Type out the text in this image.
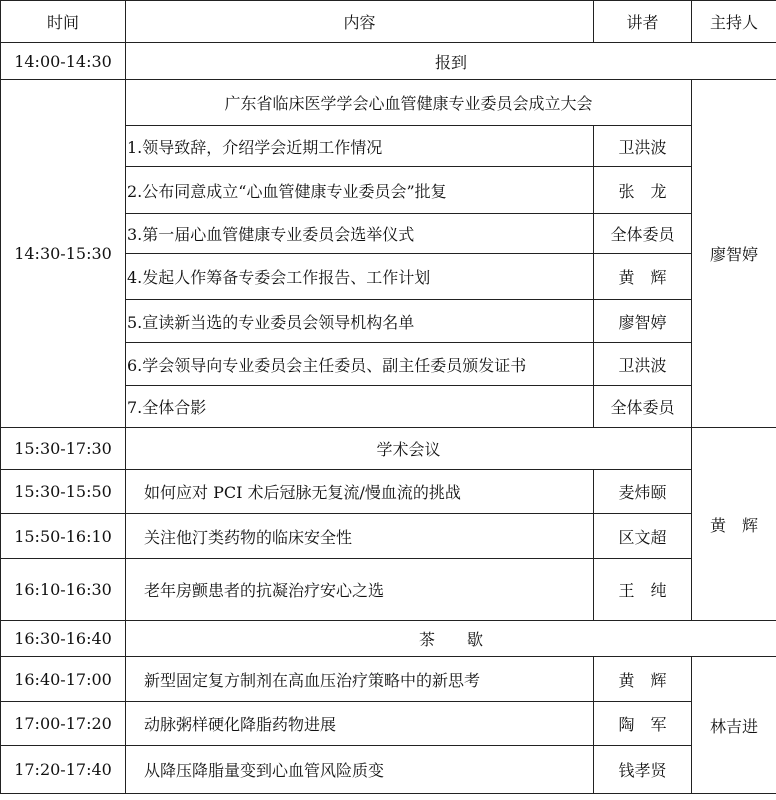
时间	内容	讲者	主持人
14:00-14:30	报到		
14:30-15:30	广东省临床医学学会心血管健康专业委员会成立大会		廖智婷
	1.领导致辞，介绍学会近期工作情况	卫洪波	
	2.公布同意成立“心血管健康专业委员会”批复	张　龙	
	3.第一届心血管健康专业委员会选举仪式	全体委员	
	4.发起人作筹备专委会工作报告、工作计划	黄　辉	
	5.宣读新当选的专业委员会领导机构名单	廖智婷	
	6.学会领导向专业委员会主任委员、副主任委员颁发证书	卫洪波	
	7.全体合影	全体委员	
15:30-17:30	学术会议		黄　辉
15:30-15:50	如何应对 PCI 术后冠脉无复流/慢血流的挑战	麦炜颐	
15:50-16:10	关注他汀类药物的临床安全性	区文超	
16:10-16:30	老年房颤患者的抗凝治疗安心之选	王　纯	
16:30-16:40	茶　　歇		
16:40-17:00	新型固定复方制剂在高血压治疗策略中的新思考	黄　辉	林吉进
17:00-17:20	动脉粥样硬化降脂药物进展	陶　军	
17:20-17:40	从降压降脂量变到心血管风险质变	钱孝贤	
